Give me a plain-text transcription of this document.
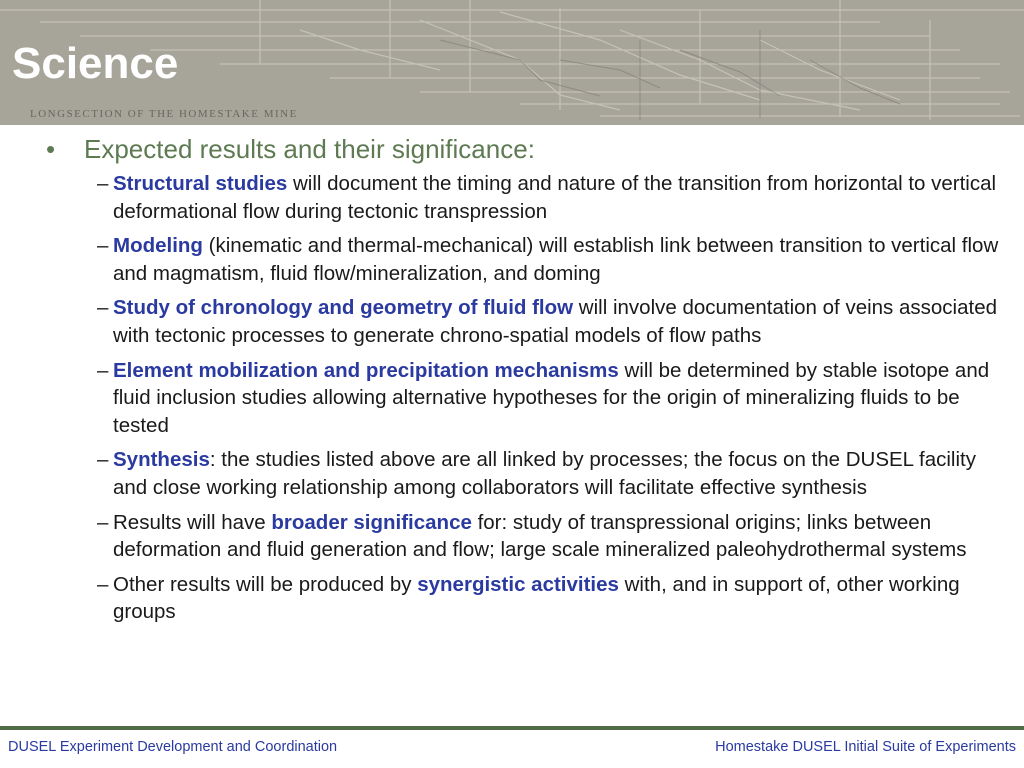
Science
LONGSECTION OF THE HOMESTAKE MINE
• Expected results and their significance:
– Structural studies will document the timing and nature of the transition from horizontal to vertical deformational flow during tectonic transpression
– Modeling (kinematic and thermal-mechanical) will establish link between transition to vertical flow and magmatism, fluid flow/mineralization, and doming
– Study of chronology and geometry of fluid flow will involve documentation of veins associated with tectonic processes to generate chrono-spatial models of flow paths
– Element mobilization and precipitation mechanisms will be determined by stable isotope and fluid inclusion studies allowing alternative hypotheses for the origin of mineralizing fluids to be tested
– Synthesis: the studies listed above are all linked by processes; the focus on the DUSEL facility and close working relationship among collaborators will facilitate effective synthesis
– Results will have broader significance for: study of transpressional origins; links between deformation and fluid generation and flow; large scale mineralized paleohydrothermal systems
– Other results will be produced by synergistic activities with, and in support of, other working groups
DUSEL Experiment Development and Coordination	Homestake DUSEL Initial Suite of Experiments
